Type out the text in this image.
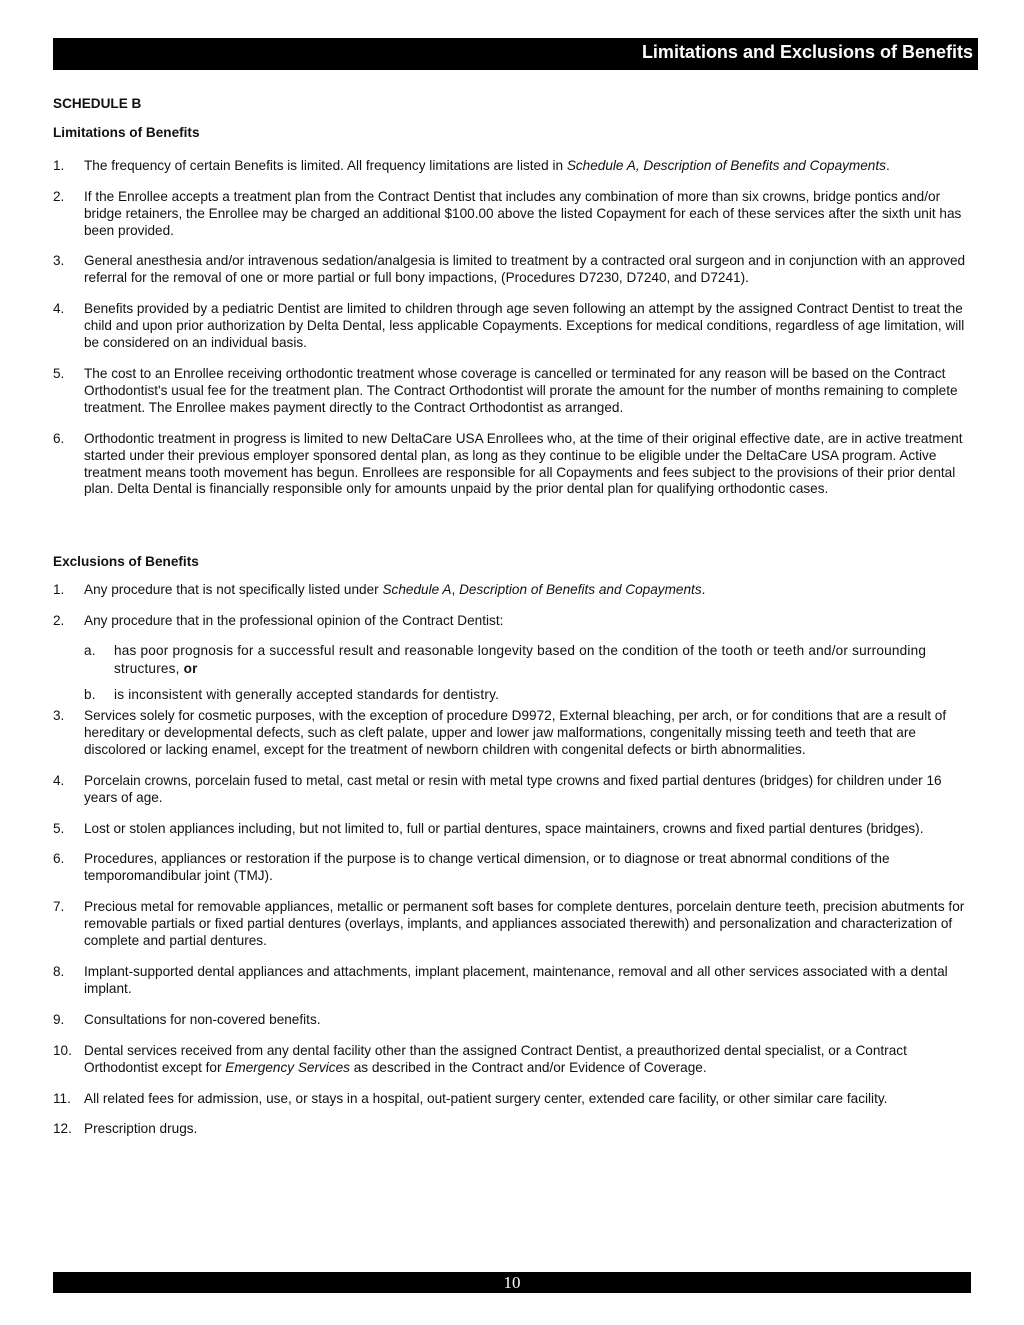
Limitations and Exclusions of Benefits

SCHEDULE B

Limitations of Benefits

1. The frequency of certain Benefits is limited. All frequency limitations are listed in Schedule A, Description of Benefits and Copayments.
2. If the Enrollee accepts a treatment plan from the Contract Dentist that includes any combination of more than six crowns, bridge pontics and/or bridge retainers, the Enrollee may be charged an additional $100.00 above the listed Copayment for each of these services after the sixth unit has been provided.
3. General anesthesia and/or intravenous sedation/analgesia is limited to treatment by a contracted oral surgeon and in conjunction with an approved referral for the removal of one or more partial or full bony impactions, (Procedures D7230, D7240, and D7241).
4. Benefits provided by a pediatric Dentist are limited to children through age seven following an attempt by the assigned Contract Dentist to treat the child and upon prior authorization by Delta Dental, less applicable Copayments. Exceptions for medical conditions, regardless of age limitation, will be considered on an individual basis.
5. The cost to an Enrollee receiving orthodontic treatment whose coverage is cancelled or terminated for any reason will be based on the Contract Orthodontist's usual fee for the treatment plan. The Contract Orthodontist will prorate the amount for the number of months remaining to complete treatment. The Enrollee makes payment directly to the Contract Orthodontist as arranged.
6. Orthodontic treatment in progress is limited to new DeltaCare USA Enrollees who, at the time of their original effective date, are in active treatment started under their previous employer sponsored dental plan, as long as they continue to be eligible under the DeltaCare USA program. Active treatment means tooth movement has begun. Enrollees are responsible for all Copayments and fees subject to the provisions of their prior dental plan. Delta Dental is financially responsible only for amounts unpaid by the prior dental plan for qualifying orthodontic cases.

Exclusions of Benefits

1. Any procedure that is not specifically listed under Schedule A, Description of Benefits and Copayments.
2. Any procedure that in the professional opinion of the Contract Dentist:
a. has poor prognosis for a successful result and reasonable longevity based on the condition of the tooth or teeth and/or surrounding structures, or
b. is inconsistent with generally accepted standards for dentistry.
3. Services solely for cosmetic purposes, with the exception of procedure D9972, External bleaching, per arch, or for conditions that are a result of hereditary or developmental defects, such as cleft palate, upper and lower jaw malformations, congenitally missing teeth and teeth that are discolored or lacking enamel, except for the treatment of newborn children with congenital defects or birth abnormalities.
4. Porcelain crowns, porcelain fused to metal, cast metal or resin with metal type crowns and fixed partial dentures (bridges) for children under 16 years of age.
5. Lost or stolen appliances including, but not limited to, full or partial dentures, space maintainers, crowns and fixed partial dentures (bridges).
6. Procedures, appliances or restoration if the purpose is to change vertical dimension, or to diagnose or treat abnormal conditions of the temporomandibular joint (TMJ).
7. Precious metal for removable appliances, metallic or permanent soft bases for complete dentures, porcelain denture teeth, precision abutments for removable partials or fixed partial dentures (overlays, implants, and appliances associated therewith) and personalization and characterization of complete and partial dentures.
8. Implant-supported dental appliances and attachments, implant placement, maintenance, removal and all other services associated with a dental implant.
9. Consultations for non-covered benefits.
10. Dental services received from any dental facility other than the assigned Contract Dentist, a preauthorized dental specialist, or a Contract Orthodontist except for Emergency Services as described in the Contract and/or Evidence of Coverage.
11. All related fees for admission, use, or stays in a hospital, out-patient surgery center, extended care facility, or other similar care facility.
12. Prescription drugs.
10
